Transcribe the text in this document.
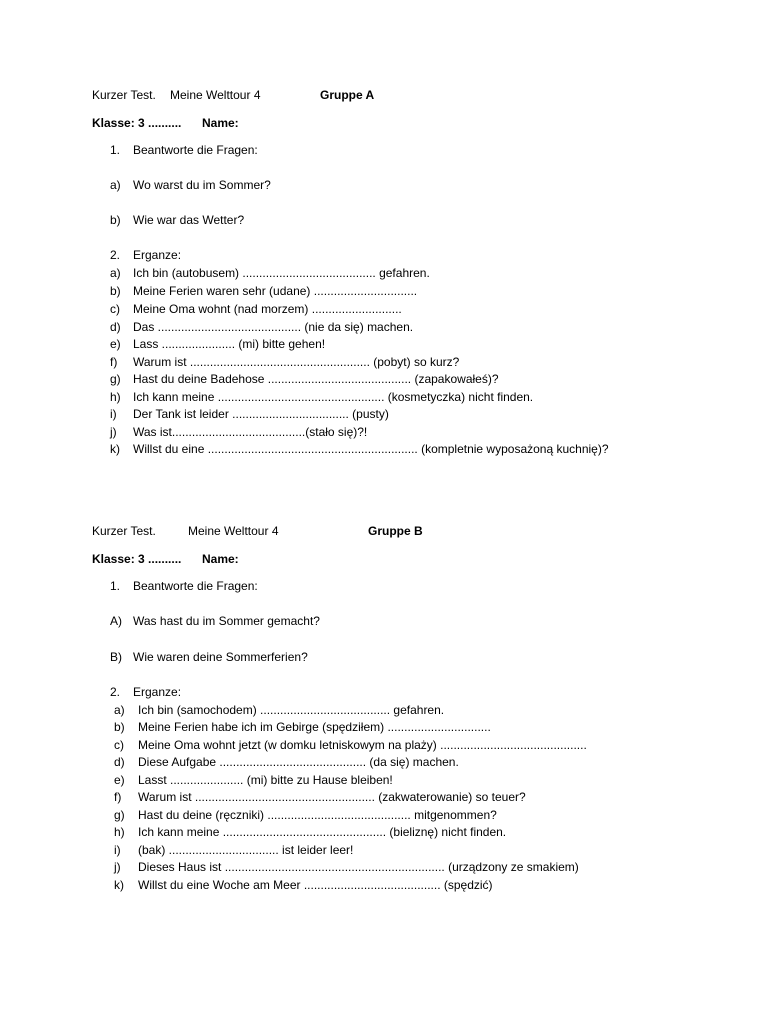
Kurzer Test. Meine Welttour 4	Gruppe A
Klasse: 3 .......... Name:
1. Beantworte die Fragen:
a) Wo warst du im Sommer?
b) Wie war das Wetter?
2. Erganze:
a) Ich bin (autobusem) ........................................ gefahren.
b) Meine Ferien waren sehr (udane) ...............................
c) Meine Oma wohnt (nad morzem) ...........................
d) Das ........................................... (nie da się) machen.
e) Lass ...................... (mi) bitte gehen!
f) Warum ist ...................................................... (pobyt) so kurz?
g) Hast du deine Badehose ........................................... (zapakowałeś)?
h) Ich kann meine .................................................. (kosmetyczka) nicht finden.
i) Der Tank ist leider ................................... (pusty)
j) Was ist........................................(stało się)?!
k) Willst du eine ............................................................... (kompletnie wyposażoną kuchnię)?
Kurzer Test.	Meine Welttour 4	Gruppe B
Klasse: 3 .......... Name:
1. Beantworte die Fragen:
A) Was hast du im Sommer gemacht?
B) Wie waren deine Sommerferien?
2. Erganze:
a) Ich bin (samochodem) ....................................... gefahren.
b) Meine Ferien habe ich im Gebirge (spędziłem) ...............................
c) Meine Oma wohnt jetzt (w domku letniskowym na plaży) ............................................
d) Diese Aufgabe ............................................ (da się) machen.
e) Lasst ...................... (mi) bitte zu Hause bleiben!
f) Warum ist ...................................................... (zakwaterowanie) so teuer?
g) Hast du deine (ręczniki) ........................................... mitgenommen?
h) Ich kann meine ................................................. (bieliznę) nicht finden.
i) (bak) ................................. ist leider leer!
j) Dieses Haus ist .................................................................. (urządzony ze smakiem)
k) Willst du eine Woche am Meer ......................................... (spędzić)
